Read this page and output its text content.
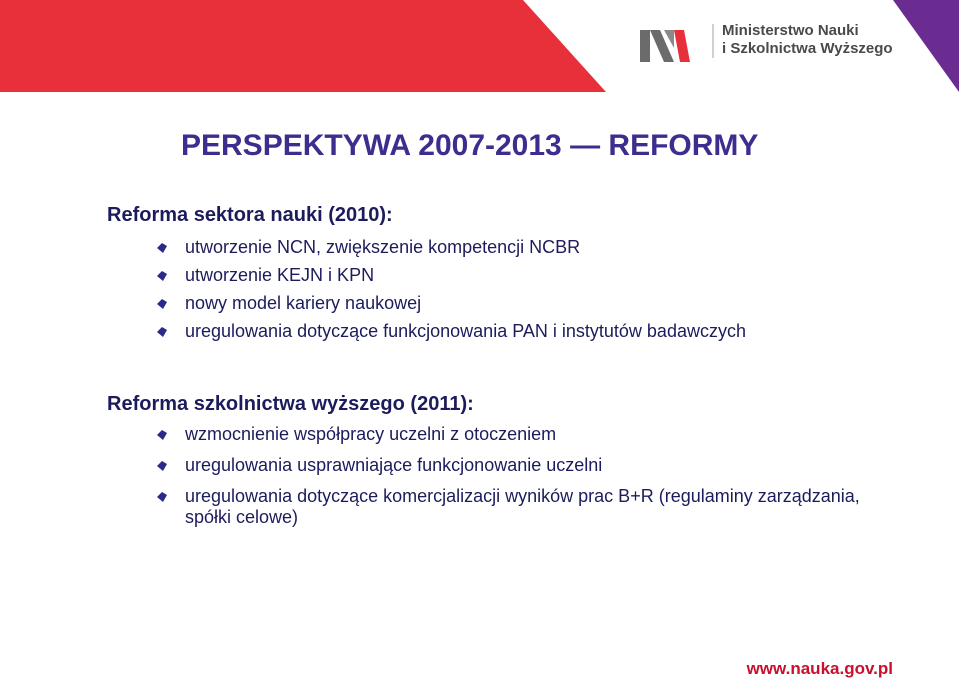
Ministerstwo Nauki
i Szkolnictwa Wyższego
PERSPEKTYWA 2007-2013 — REFORMY
Reforma sektora nauki (2010):
utworzenie NCN, zwiększenie kompetencji NCBR
utworzenie KEJN i KPN
nowy model kariery naukowej
uregulowania dotyczące funkcjonowania PAN i instytutów badawczych
Reforma szkolnictwa wyższego (2011):
wzmocnienie współpracy uczelni z otoczeniem
uregulowania usprawniające funkcjonowanie uczelni
uregulowania dotyczące komercjalizacji wyników prac B+R (regulaminy zarządzania, spółki celowe)
www.nauka.gov.pl
